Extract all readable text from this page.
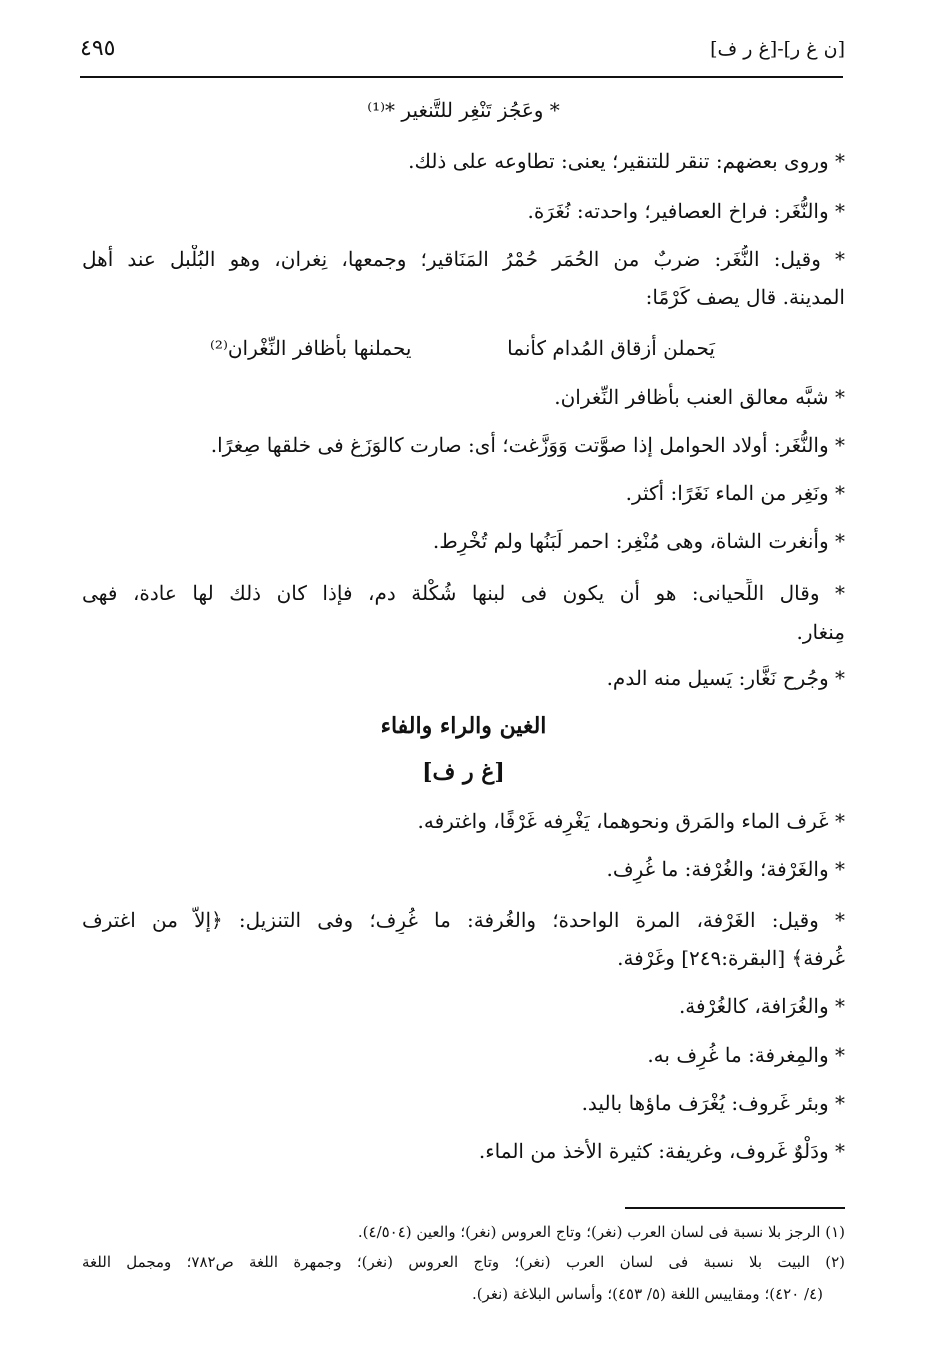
٤٩٥	[ن غ ر]-[غ ر ف]
* وعَجُز تَنْغِر للتَّنغير *⁽¹⁾
* وروى بعضهم: تنقر للتنقير؛ يعنى: تطاوعه على ذلك.
* والنُّغَر: فراخ العصافير؛ واحدته: نُغَرَة.
* وقيل: النُّغَر: ضربٌ من الحُمَر حُمْرُ المَنَاقير؛ وجمعها، نِغران، وهو البُلْبل عند أهل
المدينة. قال يصف كَرْمًا:
يَحملن أزقاق المُدام كأنما
يحملنها بأظافر النِّغْران⁽²⁾
* شبَّه معالق العنب بأظافر النِّغران.
* والنُّغَر: أولاد الحوامل إذا صوَّتت وَوَزَّغت؛ أى: صارت كالوَزَغ فى خلقها صِغرًا.
* ونَغِر من الماء نَغَرًا: أكثر.
* وأنغرت الشاة، وهى مُنْغِر: احمر لَبَنُها ولم تُخْرِط.
* وقال اللِّحيانى: هو أن يكون فى لبنها شُكْلة دم، فإذا كان ذلك لها عادة، فهى
مِنغار.
* وجُرح نَغَّار: يَسيل منه الدم.
الغين والراء والفاء
[غ ر ف]
* غَرف الماء والمَرق ونحوهما، يَغْرِفه غَرْفًا، واغترفه.
* والغَرْفة؛ والغُرْفة: ما غُرِف.
* وقيل: الغَرْفة، المرة الواحدة؛ والغُرفة: ما غُرِف؛ وفى التنزيل: ﴿إلاَّ من اغترف
غُرفة﴾ [البقرة:٢٤٩] وغَرْفة.
* والغُرَافة، كالغُرْفة.
* والمِغرفة: ما غُرِف به.
* وبئر غَروف: يُغْرَف ماؤها باليد.
* ودَلْوٌ غَروف، وغريفة: كثيرة الأخذ من الماء.
(١) الرجز بلا نسبة فى لسان العرب (نغر)؛ وتاج العروس (نغر)؛ والعين (٤/٥٠٤).
(٢) البيت بلا نسبة فى لسان العرب (نغر)؛ وتاج العروس (نغر)؛ وجمهرة اللغة ص٧٨٢؛ ومجمل اللغة
(٤/ ٤٢٠)؛ ومقاييس اللغة (٥/ ٤٥٣)؛ وأساس البلاغة (نغر).
